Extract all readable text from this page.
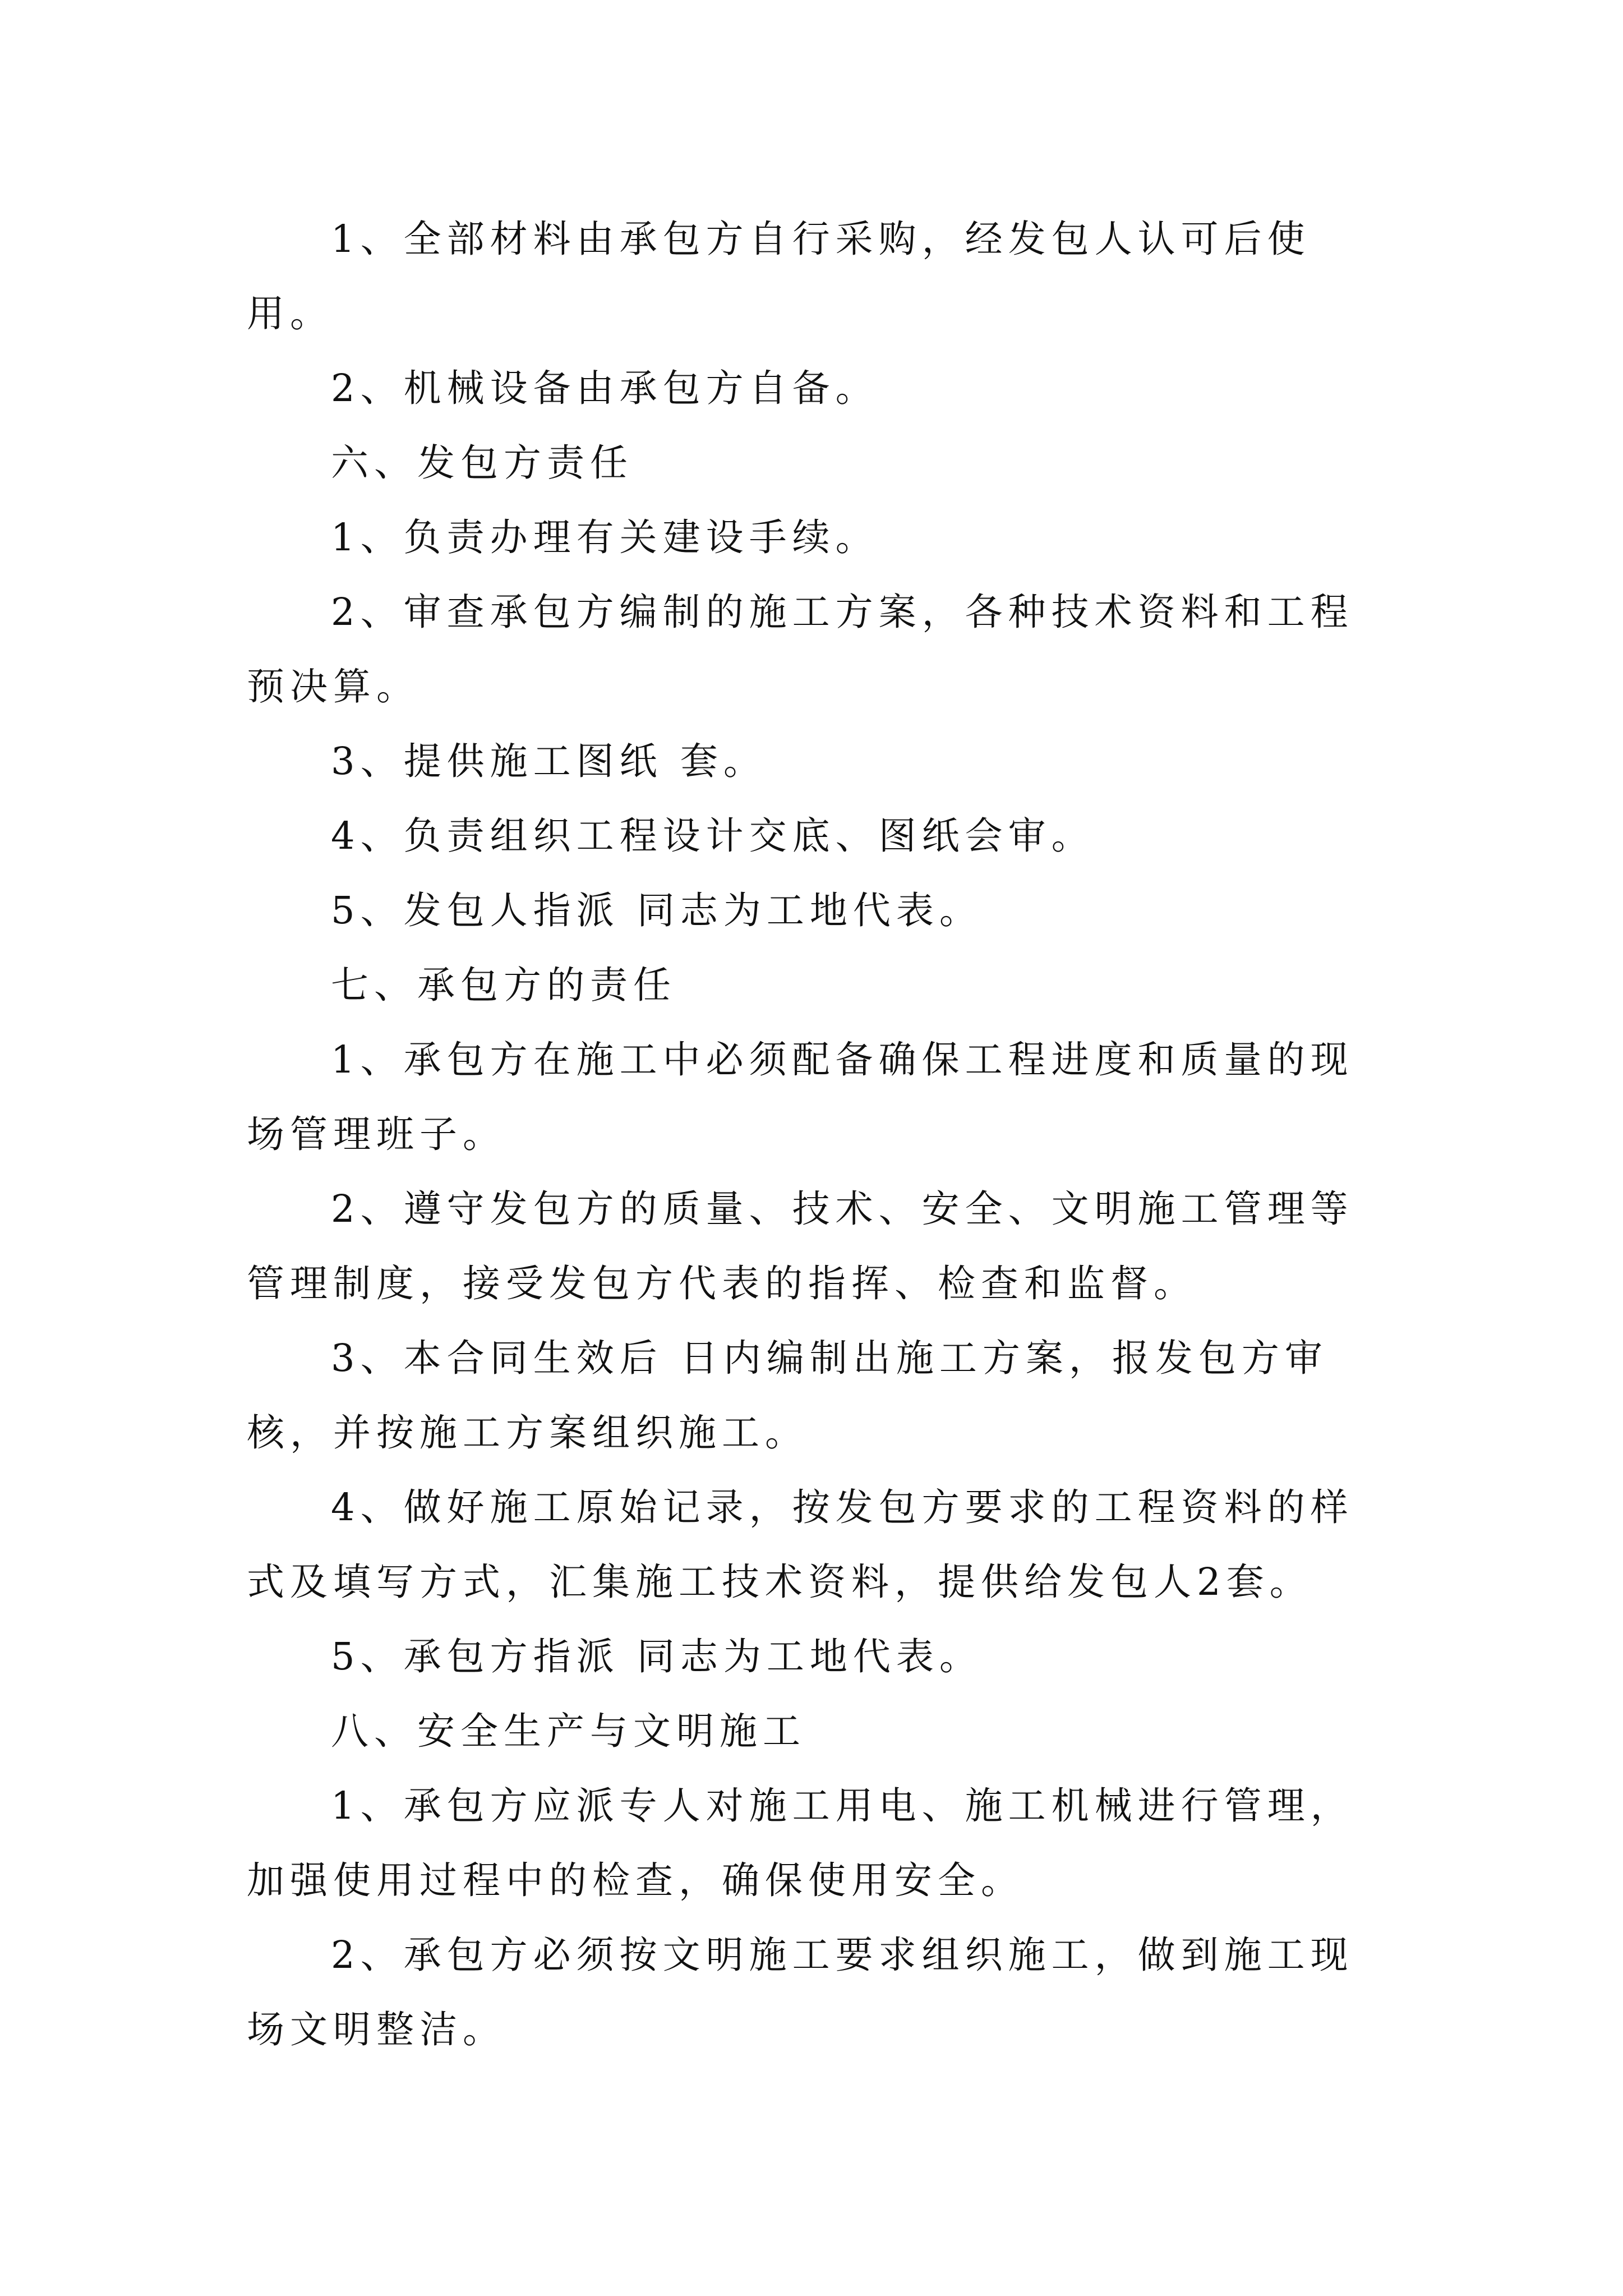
1、全部材料由承包方自行采购，经发包人认可后使用。

2、机械设备由承包方自备。

六、发包方责任

1、负责办理有关建设手续。

2、审查承包方编制的施工方案，各种技术资料和工程预决算。

3、提供施工图纸 套。

4、负责组织工程设计交底、图纸会审。

5、发包人指派 同志为工地代表。

七、承包方的责任

1、承包方在施工中必须配备确保工程进度和质量的现场管理班子。

2、遵守发包方的质量、技术、安全、文明施工管理等管理制度，接受发包方代表的指挥、检查和监督。

3、本合同生效后 日内编制出施工方案，报发包方审核，并按施工方案组织施工。

4、做好施工原始记录，按发包方要求的工程资料的样式及填写方式，汇集施工技术资料，提供给发包人2套。

5、承包方指派 同志为工地代表。

八、安全生产与文明施工

1、承包方应派专人对施工用电、施工机械进行管理，加强使用过程中的检查，确保使用安全。

2、承包方必须按文明施工要求组织施工，做到施工现场文明整洁。
